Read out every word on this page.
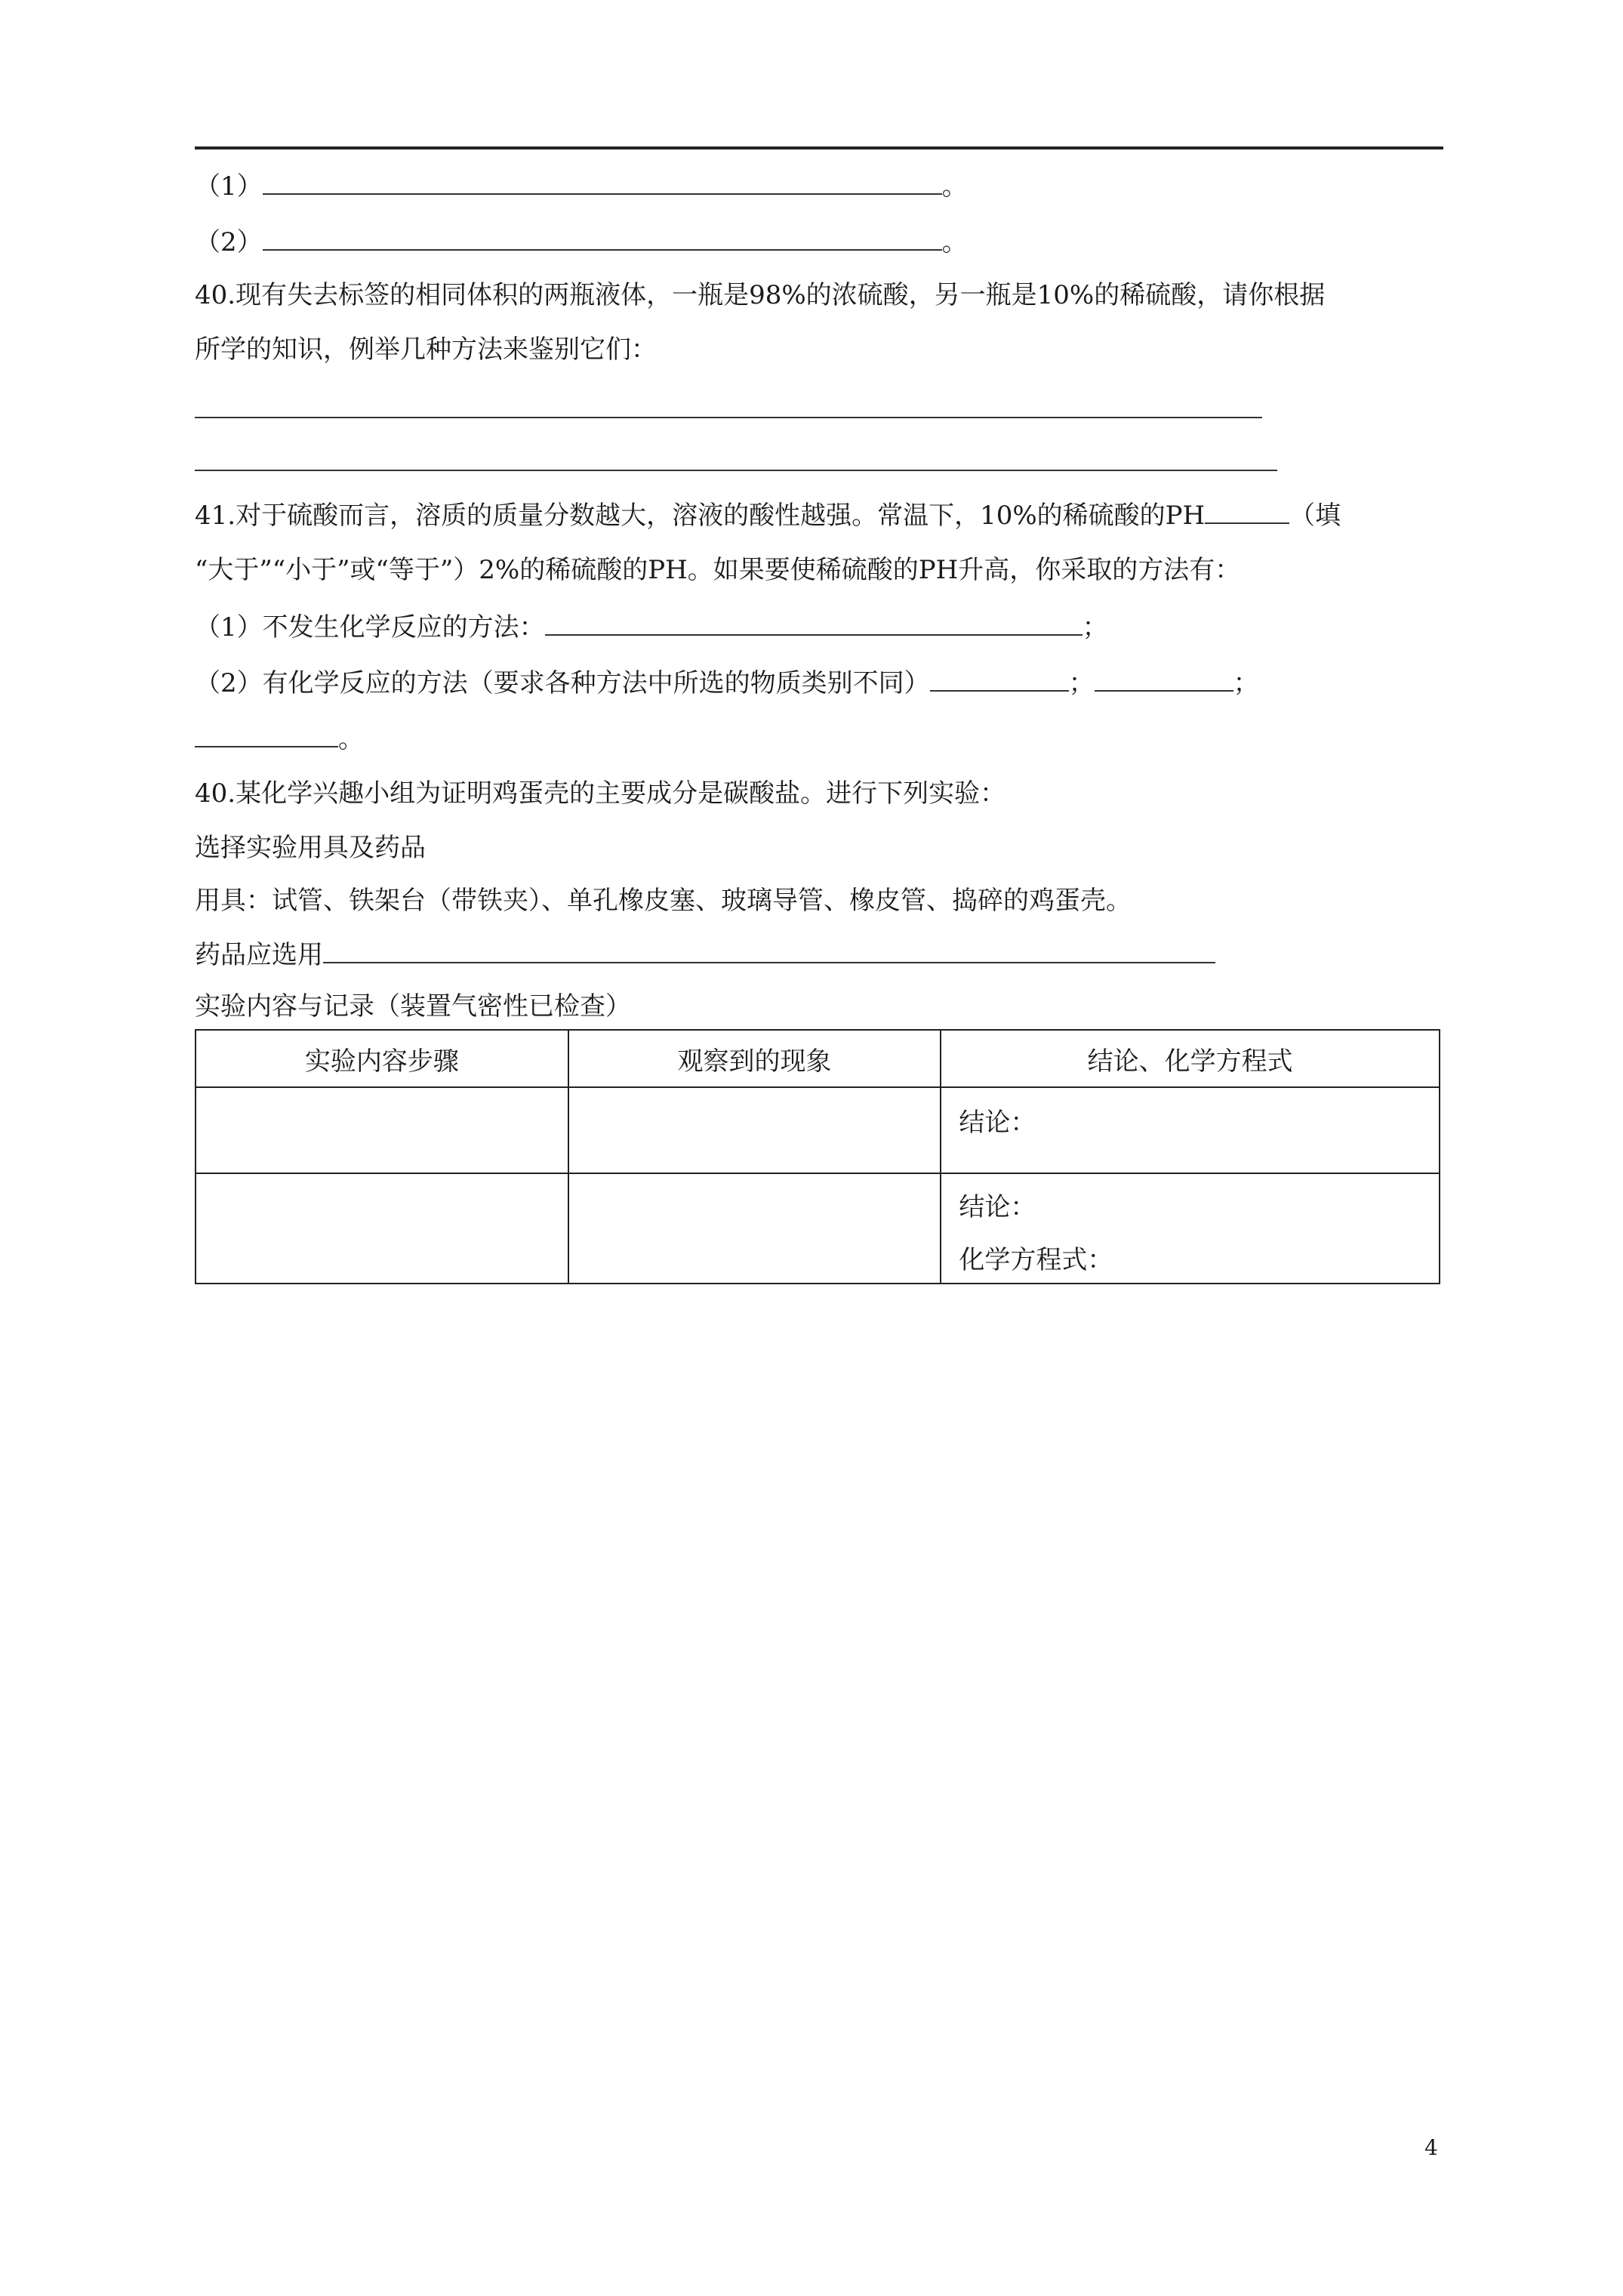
（1）	。
（2）	。
40.现有失去标签的相同体积的两瓶液体，一瓶是98%的浓硫酸，另一瓶是10%的稀硫酸，请你根据
所学的知识，例举几种方法来鉴别它们：
41.对于硫酸而言，溶质的质量分数越大，溶液的酸性越强。常温下，10%的稀硫酸的PH	（填
“大于”“小于”或“等于”）2%的稀硫酸的PH。如果要使稀硫酸的PH升高，你采取的方法有：
（1）不发生化学反应的方法：	；
（2）有化学反应的方法（要求各种方法中所选的物质类别不同）	；	；
。
40.某化学兴趣小组为证明鸡蛋壳的主要成分是碳酸盐。进行下列实验：
选择实验用具及药品
用具：试管、铁架台（带铁夹）、单孔橡皮塞、玻璃导管、橡皮管、捣碎的鸡蛋壳。
药品应选用
实验内容与记录（装置气密性已检查）
实验内容步骤	观察到的现象	结论、化学方程式

		结论：

		结论：
化学方程式：
4
